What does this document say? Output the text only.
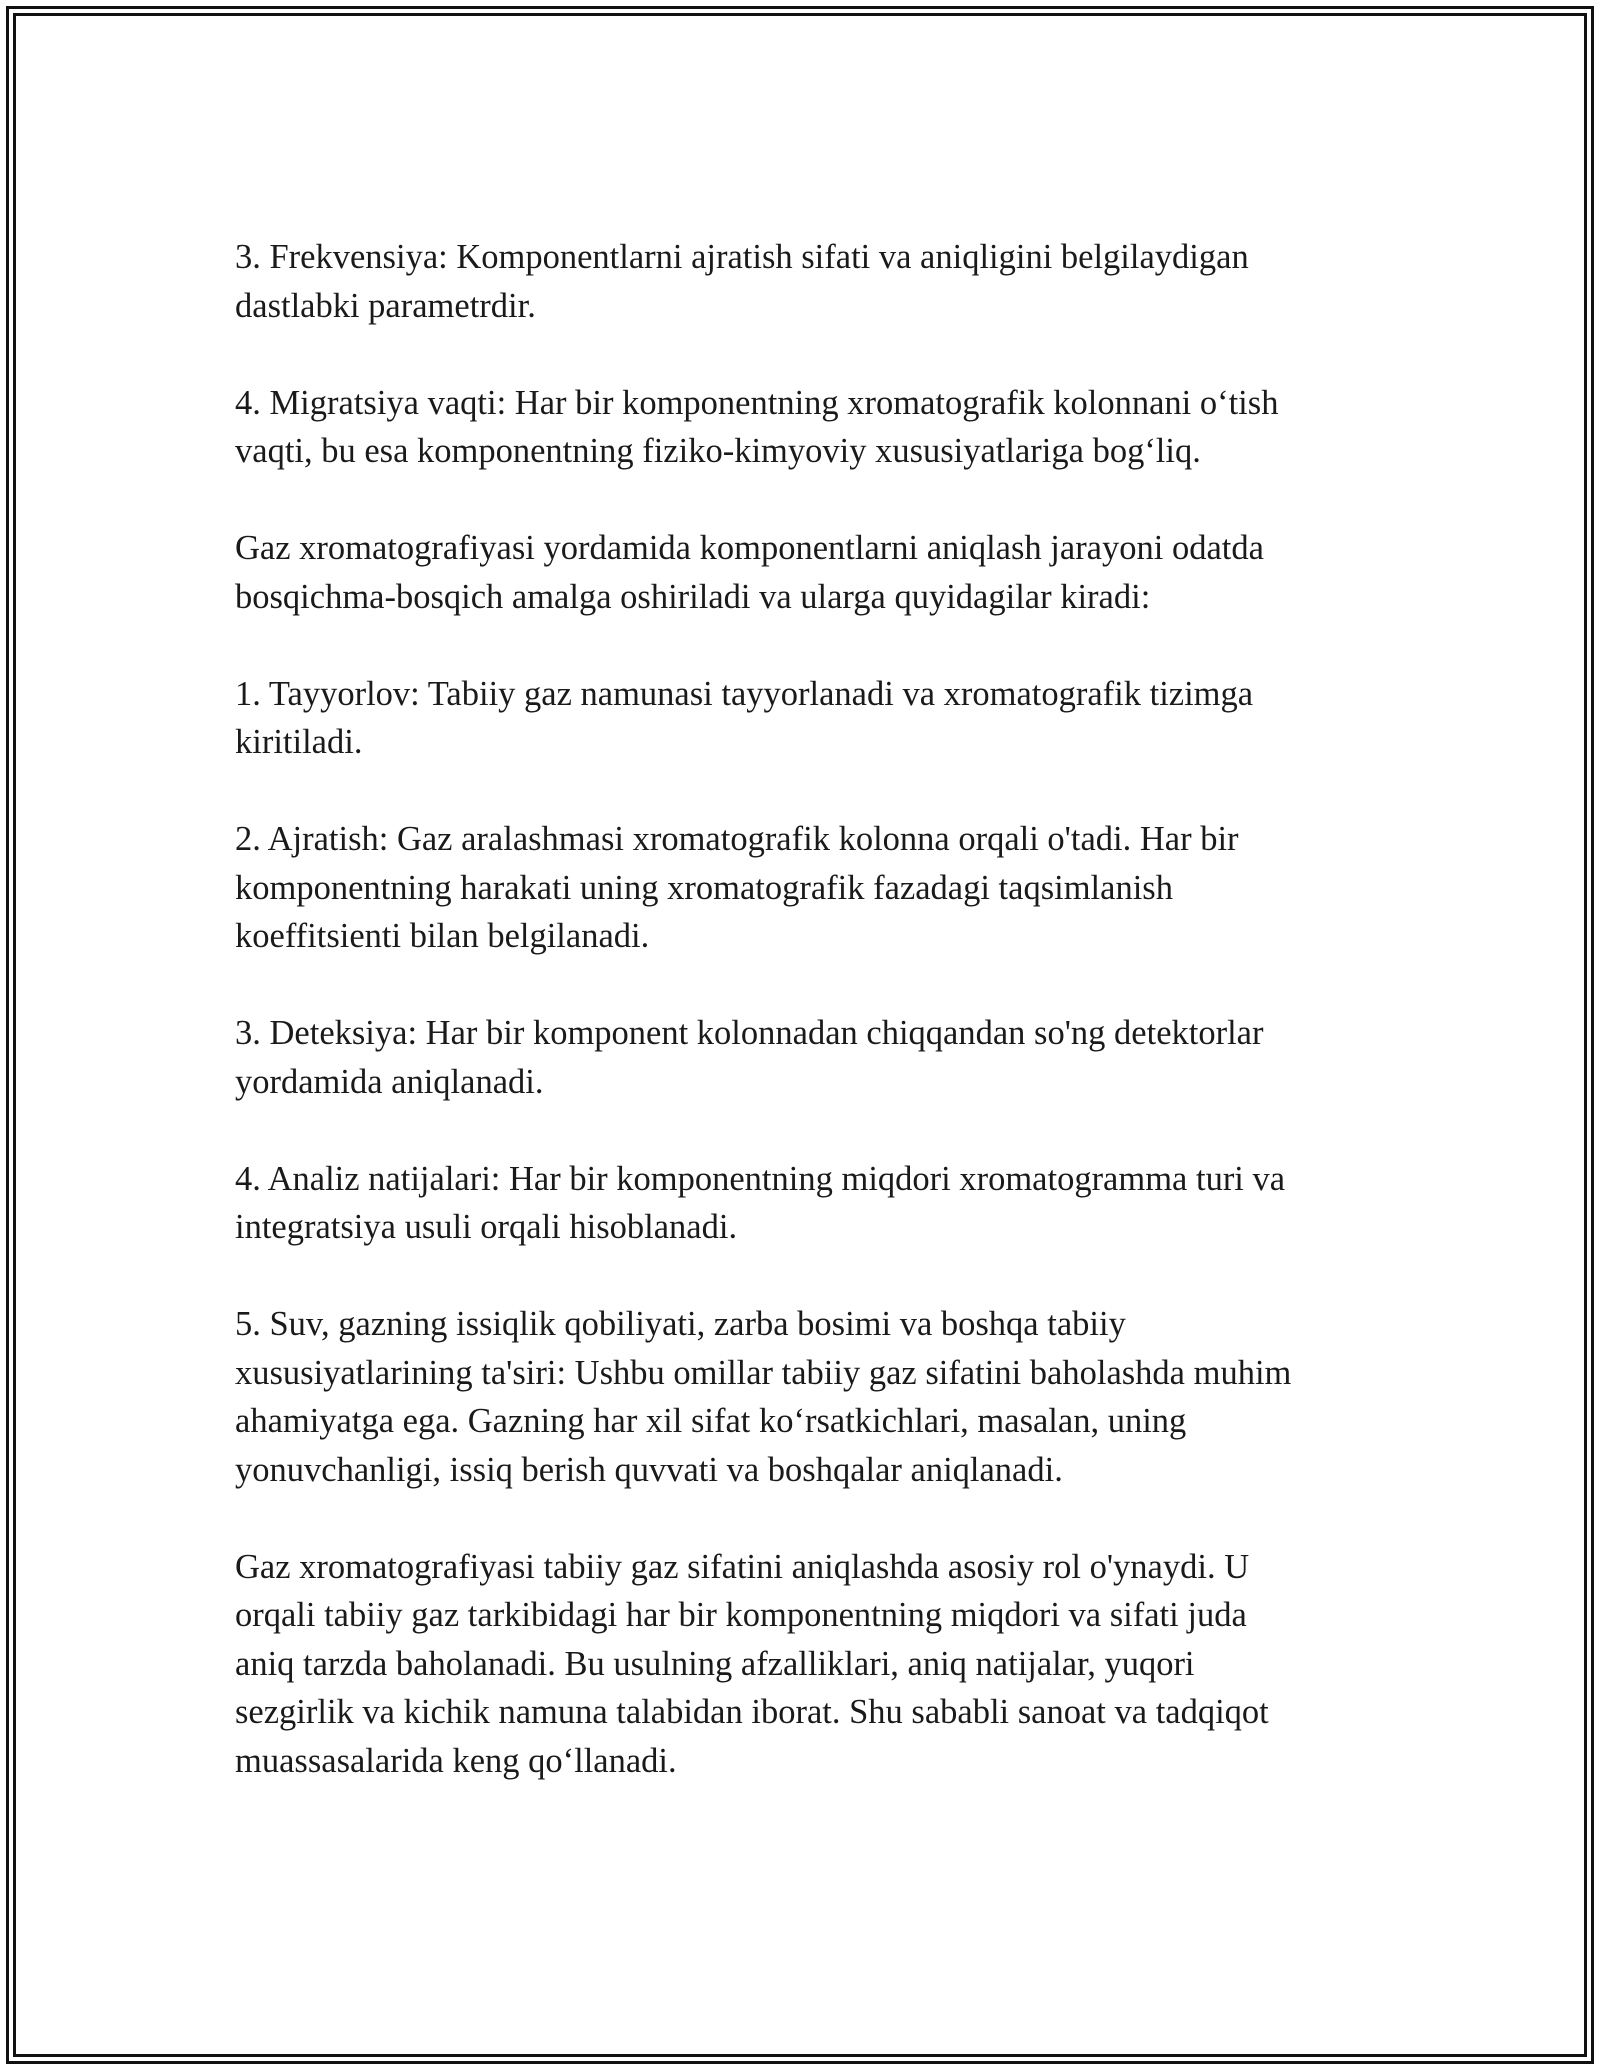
3. Frekvensiya: Komponentlarni ajratish sifati va aniqligini belgilaydigan
dastlabki parametrdir.

4. Migratsiya vaqti: Har bir komponentning xromatografik kolonnani o‘tish
vaqti, bu esa komponentning fiziko-kimyoviy xususiyatlariga bog‘liq.

Gaz xromatografiyasi yordamida komponentlarni aniqlash jarayoni odatda
bosqichma-bosqich amalga oshiriladi va ularga quyidagilar kiradi:

1. Tayyorlov: Tabiiy gaz namunasi tayyorlanadi va xromatografik tizimga
kiritiladi.

2. Ajratish: Gaz aralashmasi xromatografik kolonna orqali o'tadi. Har bir
komponentning harakati uning xromatografik fazadagi taqsimlanish
koeffitsienti bilan belgilanadi.

3. Deteksiya: Har bir komponent kolonnadan chiqqandan so'ng detektorlar
yordamida aniqlanadi.

4. Analiz natijalari: Har bir komponentning miqdori xromatogramma turi va
integratsiya usuli orqali hisoblanadi.

5. Suv, gazning issiqlik qobiliyati, zarba bosimi va boshqa tabiiy
xususiyatlarining ta'siri: Ushbu omillar tabiiy gaz sifatini baholashda muhim
ahamiyatga ega. Gazning har xil sifat ko‘rsatkichlari, masalan, uning
yonuvchanligi, issiq berish quvvati va boshqalar aniqlanadi.

Gaz xromatografiyasi tabiiy gaz sifatini aniqlashda asosiy rol o'ynaydi. U
orqali tabiiy gaz tarkibidagi har bir komponentning miqdori va sifati juda
aniq tarzda baholanadi. Bu usulning afzalliklari, aniq natijalar, yuqori
sezgirlik va kichik namuna talabidan iborat. Shu sababli sanoat va tadqiqot
muassasalarida keng qo‘llanadi.
